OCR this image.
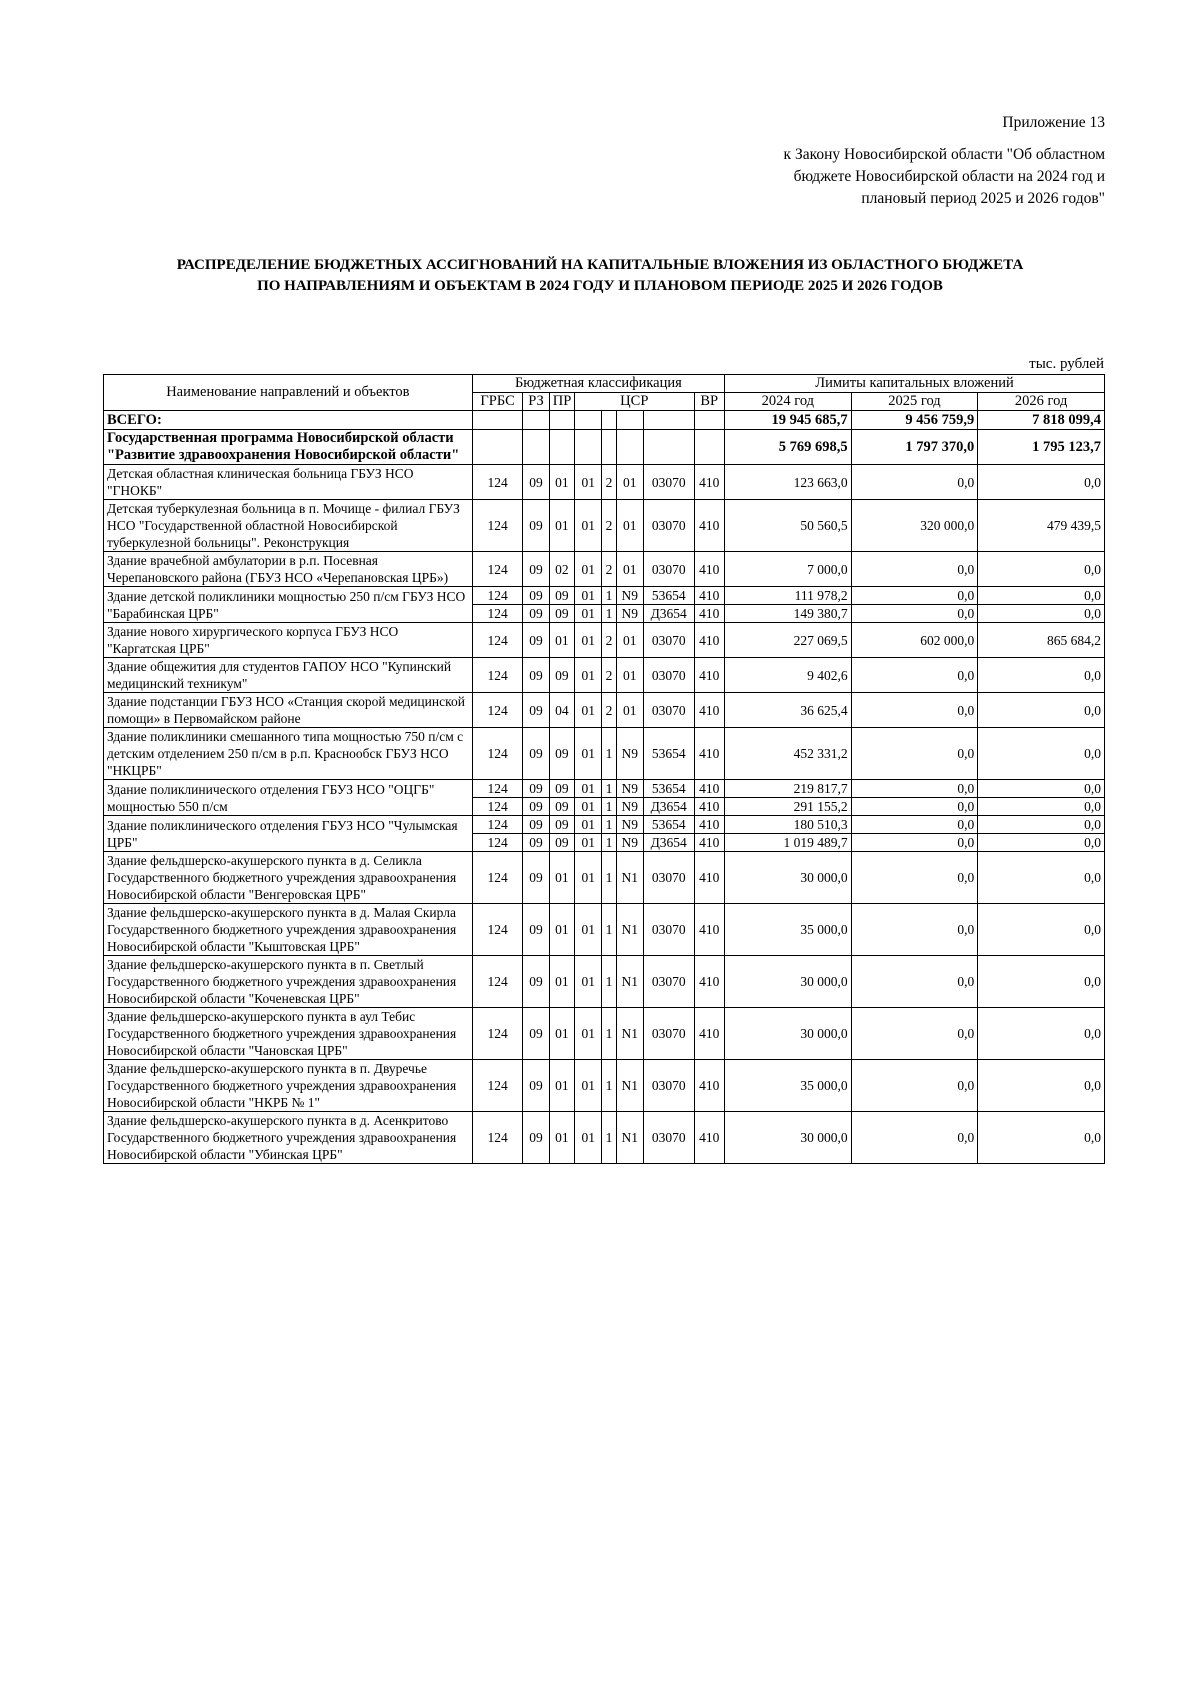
Приложение 13
к Закону Новосибирской области "Об областном
бюджете Новосибирской области на 2024 год и
плановый период 2025 и 2026 годов"
РАСПРЕДЕЛЕНИЕ БЮДЖЕТНЫХ АССИГНОВАНИЙ НА КАПИТАЛЬНЫЕ ВЛОЖЕНИЯ ИЗ ОБЛАСТНОГО БЮДЖЕТА
ПО НАПРАВЛЕНИЯМ И ОБЪЕКТАМ В 2024 ГОДУ И ПЛАНОВОМ ПЕРИОДЕ 2025 И 2026 ГОДОВ
тыс. рублей
Наименование направлений и объектов	Бюджетная классификация								Лимиты капитальных вложений		
	ГРБС	РЗ	ПР	ЦСР				ВР	2024 год	2025 год	2026 год
ВСЕГО:									19 945 685,7	9 456 759,9	7 818 099,4
Государственная программа Новосибирской области "Развитие здравоохранения Новосибирской области"									5 769 698,5	1 797 370,0	1 795 123,7
Детская областная клиническая больница ГБУЗ НСО "ГНОКБ"	124	09	01	01	2	01	03070	410	123 663,0	0,0	0,0
Детская туберкулезная больница в п. Мочище - филиал ГБУЗ НСО "Государственной областной Новосибирской туберкулезной больницы". Реконструкция	124	09	01	01	2	01	03070	410	50 560,5	320 000,0	479 439,5
Здание врачебной амбулатории в р.п. Посевная Черепановского района (ГБУЗ НСО «Черепановская ЦРБ»)	124	09	02	01	2	01	03070	410	7 000,0	0,0	0,0
Здание детской поликлиники мощностью 250 п/см ГБУЗ НСО "Барабинская ЦРБ"	124	09	09	01	1	N9	53654	410	111 978,2	0,0	0,0
	124	09	09	01	1	N9	Д3654	410	149 380,7	0,0	0,0
Здание нового хирургического корпуса ГБУЗ НСО "Каргатская ЦРБ"	124	09	01	01	2	01	03070	410	227 069,5	602 000,0	865 684,2
Здание общежития для студентов ГАПОУ НСО "Купинский медицинский техникум"	124	09	09	01	2	01	03070	410	9 402,6	0,0	0,0
Здание подстанции ГБУЗ НСО «Станция скорой медицинской помощи» в Первомайском районе	124	09	04	01	2	01	03070	410	36 625,4	0,0	0,0
Здание поликлиники смешанного типа мощностью 750 п/см с детским отделением 250 п/см в р.п. Краснообск ГБУЗ НСО "НКЦРБ"	124	09	09	01	1	N9	53654	410	452 331,2	0,0	0,0
Здание поликлинического отделения ГБУЗ НСО "ОЦГБ" мощностью 550 п/см	124	09	09	01	1	N9	53654	410	219 817,7	0,0	0,0
	124	09	09	01	1	N9	Д3654	410	291 155,2	0,0	0,0
Здание поликлинического отделения ГБУЗ НСО "Чулымская ЦРБ"	124	09	09	01	1	N9	53654	410	180 510,3	0,0	0,0
	124	09	09	01	1	N9	Д3654	410	1 019 489,7	0,0	0,0
Здание фельдшерско-акушерского пункта в д. Селикла Государственного бюджетного учреждения здравоохранения Новосибирской области "Венгеровская ЦРБ"	124	09	01	01	1	N1	03070	410	30 000,0	0,0	0,0
Здание фельдшерско-акушерского пункта в д. Малая Скирла Государственного бюджетного учреждения здравоохранения Новосибирской области "Кыштовская ЦРБ"	124	09	01	01	1	N1	03070	410	35 000,0	0,0	0,0
Здание фельдшерско-акушерского пункта в п. Светлый Государственного бюджетного учреждения здравоохранения Новосибирской области "Коченевская ЦРБ"	124	09	01	01	1	N1	03070	410	30 000,0	0,0	0,0
Здание фельдшерско-акушерского пункта в аул Тебис Государственного бюджетного учреждения здравоохранения Новосибирской области "Чановская ЦРБ"	124	09	01	01	1	N1	03070	410	30 000,0	0,0	0,0
Здание фельдшерско-акушерского пункта в п. Двуречье Государственного бюджетного учреждения здравоохранения Новосибирской области "НКРБ № 1"	124	09	01	01	1	N1	03070	410	35 000,0	0,0	0,0
Здание фельдшерско-акушерского пункта в д. Асенкритово Государственного бюджетного учреждения здравоохранения Новосибирской области "Убинская ЦРБ"	124	09	01	01	1	N1	03070	410	30 000,0	0,0	0,0
